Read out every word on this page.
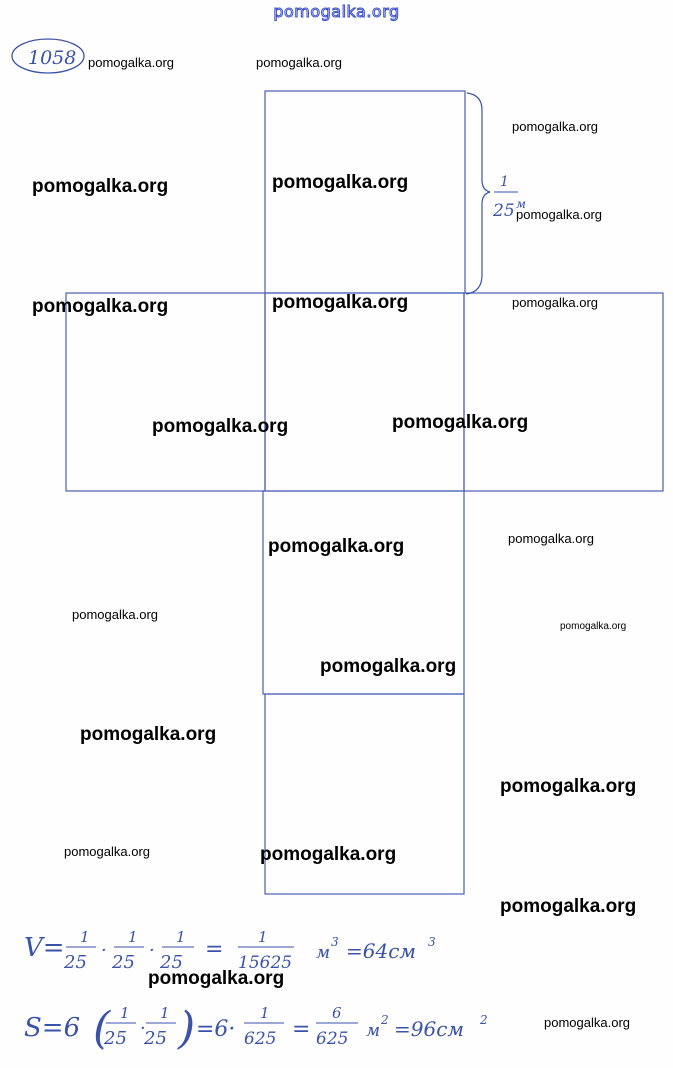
pomogalka.org
1058
1
25 м
V= 1
25
·
1
25
·
1
25
= 1
15625 м
3 =64см 3
S=6 ( 1
25 ·
1
25 ) =6·
1
625 =
6
625 м
2 =96см 2
pomogalka.org	pomogalka.org
pomogalka.org
pomogalka.org	pomogalka.org
pomogalka.org
pomogalka.org	pomogalka.org	pomogalka.org
pomogalka.org	pomogalka.org
pomogalka.org	pomogalka.org
pomogalka.org
pomogalka.org
pomogalka.org
pomogalka.org
pomogalka.org
pomogalka.org	pomogalka.org
pomogalka.org
pomogalka.org
pomogalka.org
